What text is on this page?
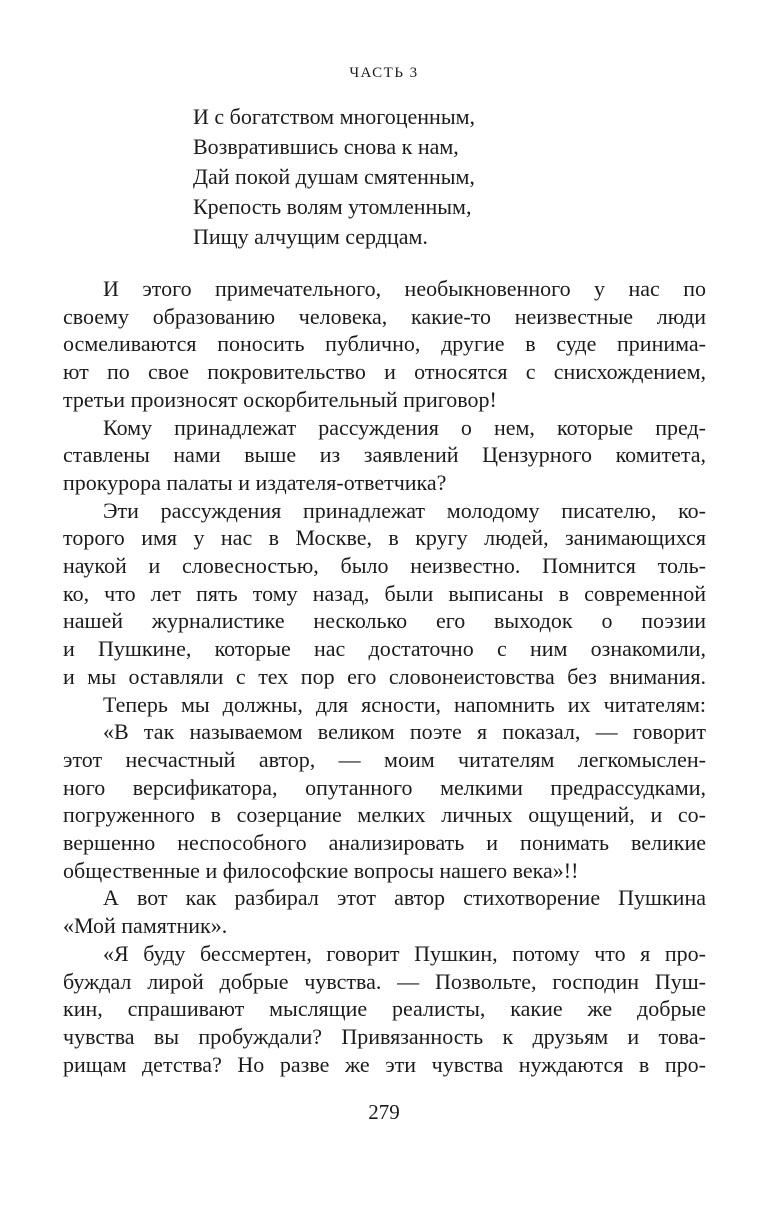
ЧАСТЬ 3
И с богатством многоценным,
Возвратившись снова к нам,
Дай покой душам смятенным,
Крепость волям утомленным,
Пищу алчущим сердцам.
И этого примечательного, необыкновенного у нас по
своему образованию человека, какие-то неизвестные люди
осмеливаются поносить публично, другие в суде принима-
ют по свое покровительство и относятся с снисхождением,
третьи произносят оскорбительный приговор!
Кому принадлежат рассуждения о нем, которые пред-
ставлены нами выше из заявлений Цензурного комитета,
прокурора палаты и издателя-ответчика?
Эти рассуждения принадлежат молодому писателю, ко-
торого имя у нас в Москве, в кругу людей, занимающихся
наукой и словесностью, было неизвестно. Помнится толь-
ко, что лет пять тому назад, были выписаны в современной
нашей журналистике несколько его выходок о поэзии
и Пушкине, которые нас достаточно с ним ознакомили,
и мы оставляли с тех пор его словонеистовства без внимания.
Теперь мы должны, для ясности, напомнить их читателям:
«В так называемом великом поэте я показал, — говорит
этот несчастный автор, — моим читателям легкомыслен-
ного версификатора, опутанного мелкими предрассудками,
погруженного в созерцание мелких личных ощущений, и со-
вершенно неспособного анализировать и понимать великие
общественные и философские вопросы нашего века»!!
А вот как разбирал этот автор стихотворение Пушкина
«Мой памятник».
«Я буду бессмертен, говорит Пушкин, потому что я про-
буждал лирой добрые чувства. — Позвольте, господин Пуш-
кин, спрашивают мыслящие реалисты, какие же добрые
чувства вы пробуждали? Привязанность к друзьям и това-
рищам детства? Но разве же эти чувства нуждаются в про-
279
